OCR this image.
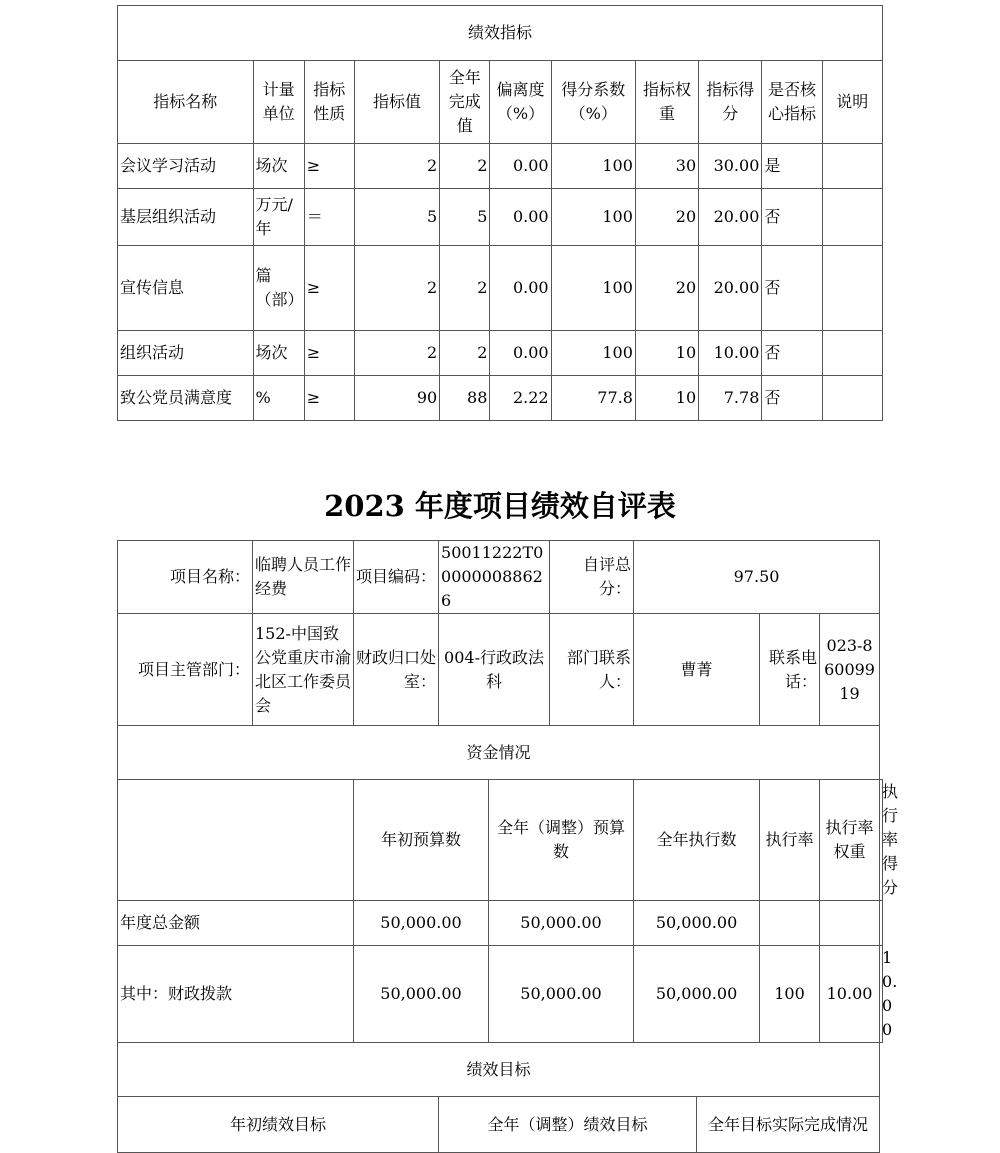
绩效指标										
指标名称	计量单位	指标性质	指标值	全年完成值	偏离度（%）	得分系数（%）	指标权重	指标得分	是否核心指标	说明
会议学习活动	场次	≥	2	2	0.00	100	30	30.00	是	
基层组织活动	万元/年	＝	5	5	0.00	100	20	20.00	否	
宣传信息	篇（部）	≥	2	2	0.00	100	20	20.00	否	
组织活动	场次	≥	2	2	0.00	100	10	10.00	否	
致公党员满意度	%	≥	90	88	2.22	77.8	10	7.78	否	
2023 年度项目绩效自评表
项目名称：	临聘人员工作经费	项目编码：	50011222T000000088626		自评总分：	97.50				
项目主管部门：	152-中国致公党重庆市渝北区工作委员会	财政归口处室：	004-行政政法科		部门联系人：	曹菁		联系电话：	023-86009919	
资金情况										
		年初预算数		全年（调整）预算数		全年执行数		执行率	执行率权重	执行率得分
年度总金额		50,000.00		50,000.00		50,000.00				
其中：财政拨款		50,000.00		50,000.00		50,000.00		100	10.00	10.00
绩效目标										
年初绩效目标			全年（调整）绩效目标				全年目标实际完成情况			
